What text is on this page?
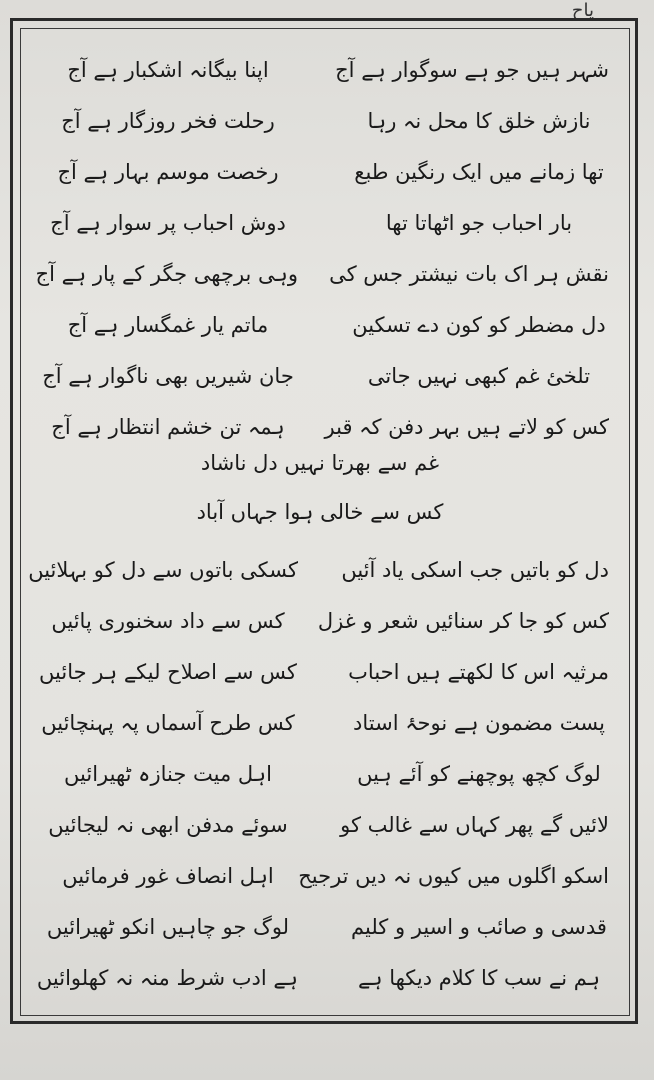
ياح
شہر ہیں جو ہے سوگوار ہے آج
نازش خلق کا محل نہ رہا
تھا زمانے میں ایک رنگین طبع
بار احباب جو اٹھاتا تھا
نقش ہر اک بات نیشتر جس کی
دل مضطر کو کون دے تسکین
تلخئ غم کبھی نہیں جاتی
کس کو لاتے ہیں بہر دفن کہ قبر
اپنا بیگانہ اشکبار ہے آج
رحلت فخر روزگار ہے آج
رخصت موسم بہار ہے آج
دوش احباب پر سوار ہے آج
وہی برچھی جگر کے پار ہے آج
ماتم یار غمگسار ہے آج
جان شیریں بھی ناگوار ہے آج
ہمہ تن خشم انتظار ہے آج
غم سے بھرتا نہیں دل ناشاد
کس سے خالی ہوا جہاں آباد
دل کو باتیں جب اسکی یاد آئیں
کس کو جا کر سنائیں شعر و غزل
مرثیہ اس کا لکھتے ہیں احباب
پست مضمون ہے نوحۂ استاد
لوگ کچھ پوچھنے کو آئے ہیں
لائیں گے پھر کہاں سے غالب کو
اسکو اگلوں میں کیوں نہ دیں ترجیح
قدسی و صائب و اسیر و کلیم
ہم نے سب کا کلام دیکھا ہے
کسکی باتوں سے دل کو بہلائیں
کس سے داد سخنوری پائیں
کس سے اصلاح لیکے ہر جائیں
کس طرح آسماں پہ پہنچائیں
اہل میت جنازہ ٹھیرائیں
سوئے مدفن ابھی نہ لیجائیں
اہل انصاف غور فرمائیں
لوگ جو چاہیں انکو ٹھیرائیں
ہے ادب شرط منہ نہ کھلوائیں
